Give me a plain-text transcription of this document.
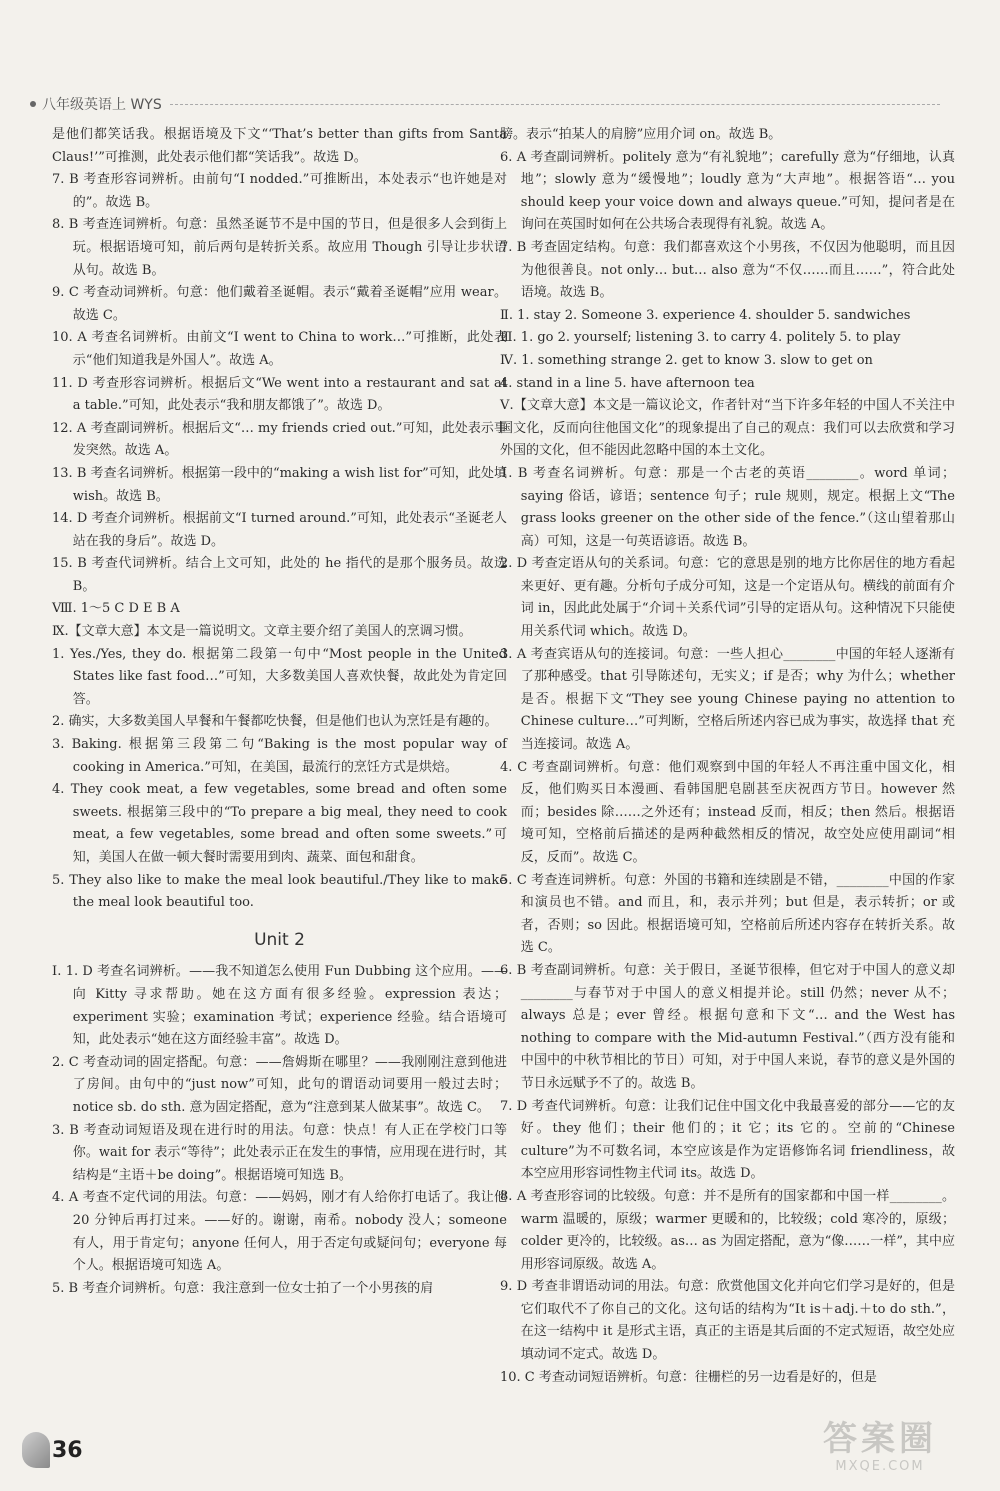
八年级英语上 WYS

是他们都笑话我。根据语境及下文“‘That’s better than gifts from Santa Claus!’”可推测，此处表示他们都“笑话我”。故选 D。

7. B 考查形容词辨析。由前句“I nodded.”可推断出，本处表示“也许她是对的”。故选 B。

8. B 考查连词辨析。句意：虽然圣诞节不是中国的节日，但是很多人会到街上玩。根据语境可知，前后两句是转折关系。故应用 Though 引导让步状语从句。故选 B。

9. C 考查动词辨析。句意：他们戴着圣诞帽。表示“戴着圣诞帽”应用 wear。故选 C。

10. A 考查名词辨析。由前文“I went to China to work…”可推断，此处表示“他们知道我是外国人”。故选 A。

11. D 考查形容词辨析。根据后文“We went into a restaurant and sat at a table.”可知，此处表示“我和朋友都饿了”。故选 D。

12. A 考查副词辨析。根据后文“… my friends cried out.”可知，此处表示事发突然。故选 A。

13. B 考查名词辨析。根据第一段中的“making a wish list for”可知，此处填 wish。故选 B。

14. D 考查介词辨析。根据前文“I turned around.”可知，此处表示“圣诞老人站在我的身后”。故选 D。

15. B 考查代词辨析。结合上文可知，此处的 he 指代的是那个服务员。故选 B。

Ⅷ. 1～5 C D E B A

Ⅸ.【文章大意】本文是一篇说明文。文章主要介绍了美国人的烹调习惯。

1. Yes./Yes, they do. 根据第二段第一句中“Most people in the United States like fast food…”可知，大多数美国人喜欢快餐，故此处为肯定回答。

2. 确实，大多数美国人早餐和午餐都吃快餐，但是他们也认为烹饪是有趣的。

3. Baking. 根据第三段第二句“Baking is the most popular way of cooking in America.”可知，在美国，最流行的烹饪方式是烘焙。

4. They cook meat, a few vegetables, some bread and often some sweets. 根据第三段中的“To prepare a big meal, they need to cook meat, a few vegetables, some bread and often some sweets.”可知，美国人在做一顿大餐时需要用到肉、蔬菜、面包和甜食。

5. They also like to make the meal look beautiful./They like to make the meal look beautiful too.

Unit 2

Ⅰ. 1. D 考查名词辨析。——我不知道怎么使用 Fun Dubbing 这个应用。——向 Kitty 寻求帮助。她在这方面有很多经验。expression 表达；experiment 实验；examination 考试；experience 经验。结合语境可知，此处表示“她在这方面经验丰富”。故选 D。

2. C 考查动词的固定搭配。句意：——詹姆斯在哪里？——我刚刚注意到他进了房间。由句中的“just now”可知，此句的谓语动词要用一般过去时；notice sb. do sth. 意为固定搭配，意为“注意到某人做某事”。故选 C。

3. B 考查动词短语及现在进行时的用法。句意：快点！有人正在学校门口等你。wait for 表示“等待”；此处表示正在发生的事情，应用现在进行时，其结构是“主语＋be doing”。根据语境可知选 B。

4. A 考查不定代词的用法。句意：——妈妈，刚才有人给你打电话了。我让他 20 分钟后再打过来。——好的。谢谢，南希。nobody 没人；someone 有人，用于肯定句；anyone 任何人，用于否定句或疑问句；everyone 每个人。根据语境可知选 A。

5. B 考查介词辨析。句意：我注意到一位女士拍了一个小男孩的肩

膀。表示“拍某人的肩膀”应用介词 on。故选 B。

6. A 考查副词辨析。politely 意为“有礼貌地”；carefully 意为“仔细地，认真地”；slowly 意为“缓慢地”；loudly 意为“大声地”。根据答语“… you should keep your voice down and always queue.”可知，提问者是在询问在英国时如何在公共场合表现得有礼貌。故选 A。

7. B 考查固定结构。句意：我们都喜欢这个小男孩，不仅因为他聪明，而且因为他很善良。not only… but… also 意为“不仅……而且……”，符合此处语境。故选 B。

Ⅱ. 1. stay 2. Someone 3. experience 4. shoulder 5. sandwiches

Ⅲ. 1. go 2. yourself; listening 3. to carry 4. politely 5. to play

Ⅳ. 1. something strange 2. get to know 3. slow to get on

4. stand in a line 5. have afternoon tea

Ⅴ.【文章大意】本文是一篇议论文，作者针对“当下许多年轻的中国人不关注中国文化，反而向往他国文化”的现象提出了自己的观点：我们可以去欣赏和学习外国的文化，但不能因此忽略中国的本土文化。

1. B 考查名词辨析。句意：那是一个古老的英语________。word 单词；saying 俗话，谚语；sentence 句子；rule 规则，规定。根据上文“The grass looks greener on the other side of the fence.”（这山望着那山高）可知，这是一句英语谚语。故选 B。

2. D 考查定语从句的关系词。句意：它的意思是别的地方比你居住的地方看起来更好、更有趣。分析句子成分可知，这是一个定语从句。横线的前面有介词 in，因此此处属于“介词＋关系代词”引导的定语从句。这种情况下只能使用关系代词 which。故选 D。

3. A 考查宾语从句的连接词。句意：一些人担心________中国的年轻人逐渐有了那种感受。that 引导陈述句，无实义；if 是否；why 为什么；whether 是否。根据下文“They see young Chinese paying no attention to Chinese culture…”可判断，空格后所述内容已成为事实，故选择 that 充当连接词。故选 A。

4. C 考查副词辨析。句意：他们观察到中国的年轻人不再注重中国文化，相反，他们购买日本漫画、看韩国肥皂剧甚至庆祝西方节日。however 然而；besides 除……之外还有；instead 反而，相反；then 然后。根据语境可知，空格前后描述的是两种截然相反的情况，故空处应使用副词“相反，反而”。故选 C。

5. C 考查连词辨析。句意：外国的书籍和连续剧是不错，________中国的作家和演员也不错。and 而且，和，表示并列；but 但是，表示转折；or 或者，否则；so 因此。根据语境可知，空格前后所述内容存在转折关系。故选 C。

6. B 考查副词辨析。句意：关于假日，圣诞节很棒，但它对于中国人的意义却________与春节对于中国人的意义相提并论。still 仍然；never 从不；always 总是；ever 曾经。根据句意和下文“… and the West has nothing to compare with the Mid-autumn Festival.”（西方没有能和中国中的中秋节相比的节日）可知，对于中国人来说，春节的意义是外国的节日永远赋予不了的。故选 B。

7. D 考查代词辨析。句意：让我们记住中国文化中我最喜爱的部分——它的友好。they 他们；their 他们的；it 它；its 它的。空前的“Chinese culture”为不可数名词，本空应该是作为定语修饰名词 friendliness，故本空应用形容词性物主代词 its。故选 D。

8. A 考查形容词的比较级。句意：并不是所有的国家都和中国一样________。warm 温暖的，原级；warmer 更暖和的，比较级；cold 寒冷的，原级；colder 更冷的，比较级。as… as 为固定搭配，意为“像……一样”，其中应用形容词原级。故选 A。

9. D 考查非谓语动词的用法。句意：欣赏他国文化并向它们学习是好的，但是它们取代不了你自己的文化。这句话的结构为“It is＋adj.＋to do sth.”，在这一结构中 it 是形式主语，真正的主语是其后面的不定式短语，故空处应填动词不定式。故选 D。

10. C 考查动词短语辨析。句意：往栅栏的另一边看是好的，但是

36	答案圈
MXQE.COM
